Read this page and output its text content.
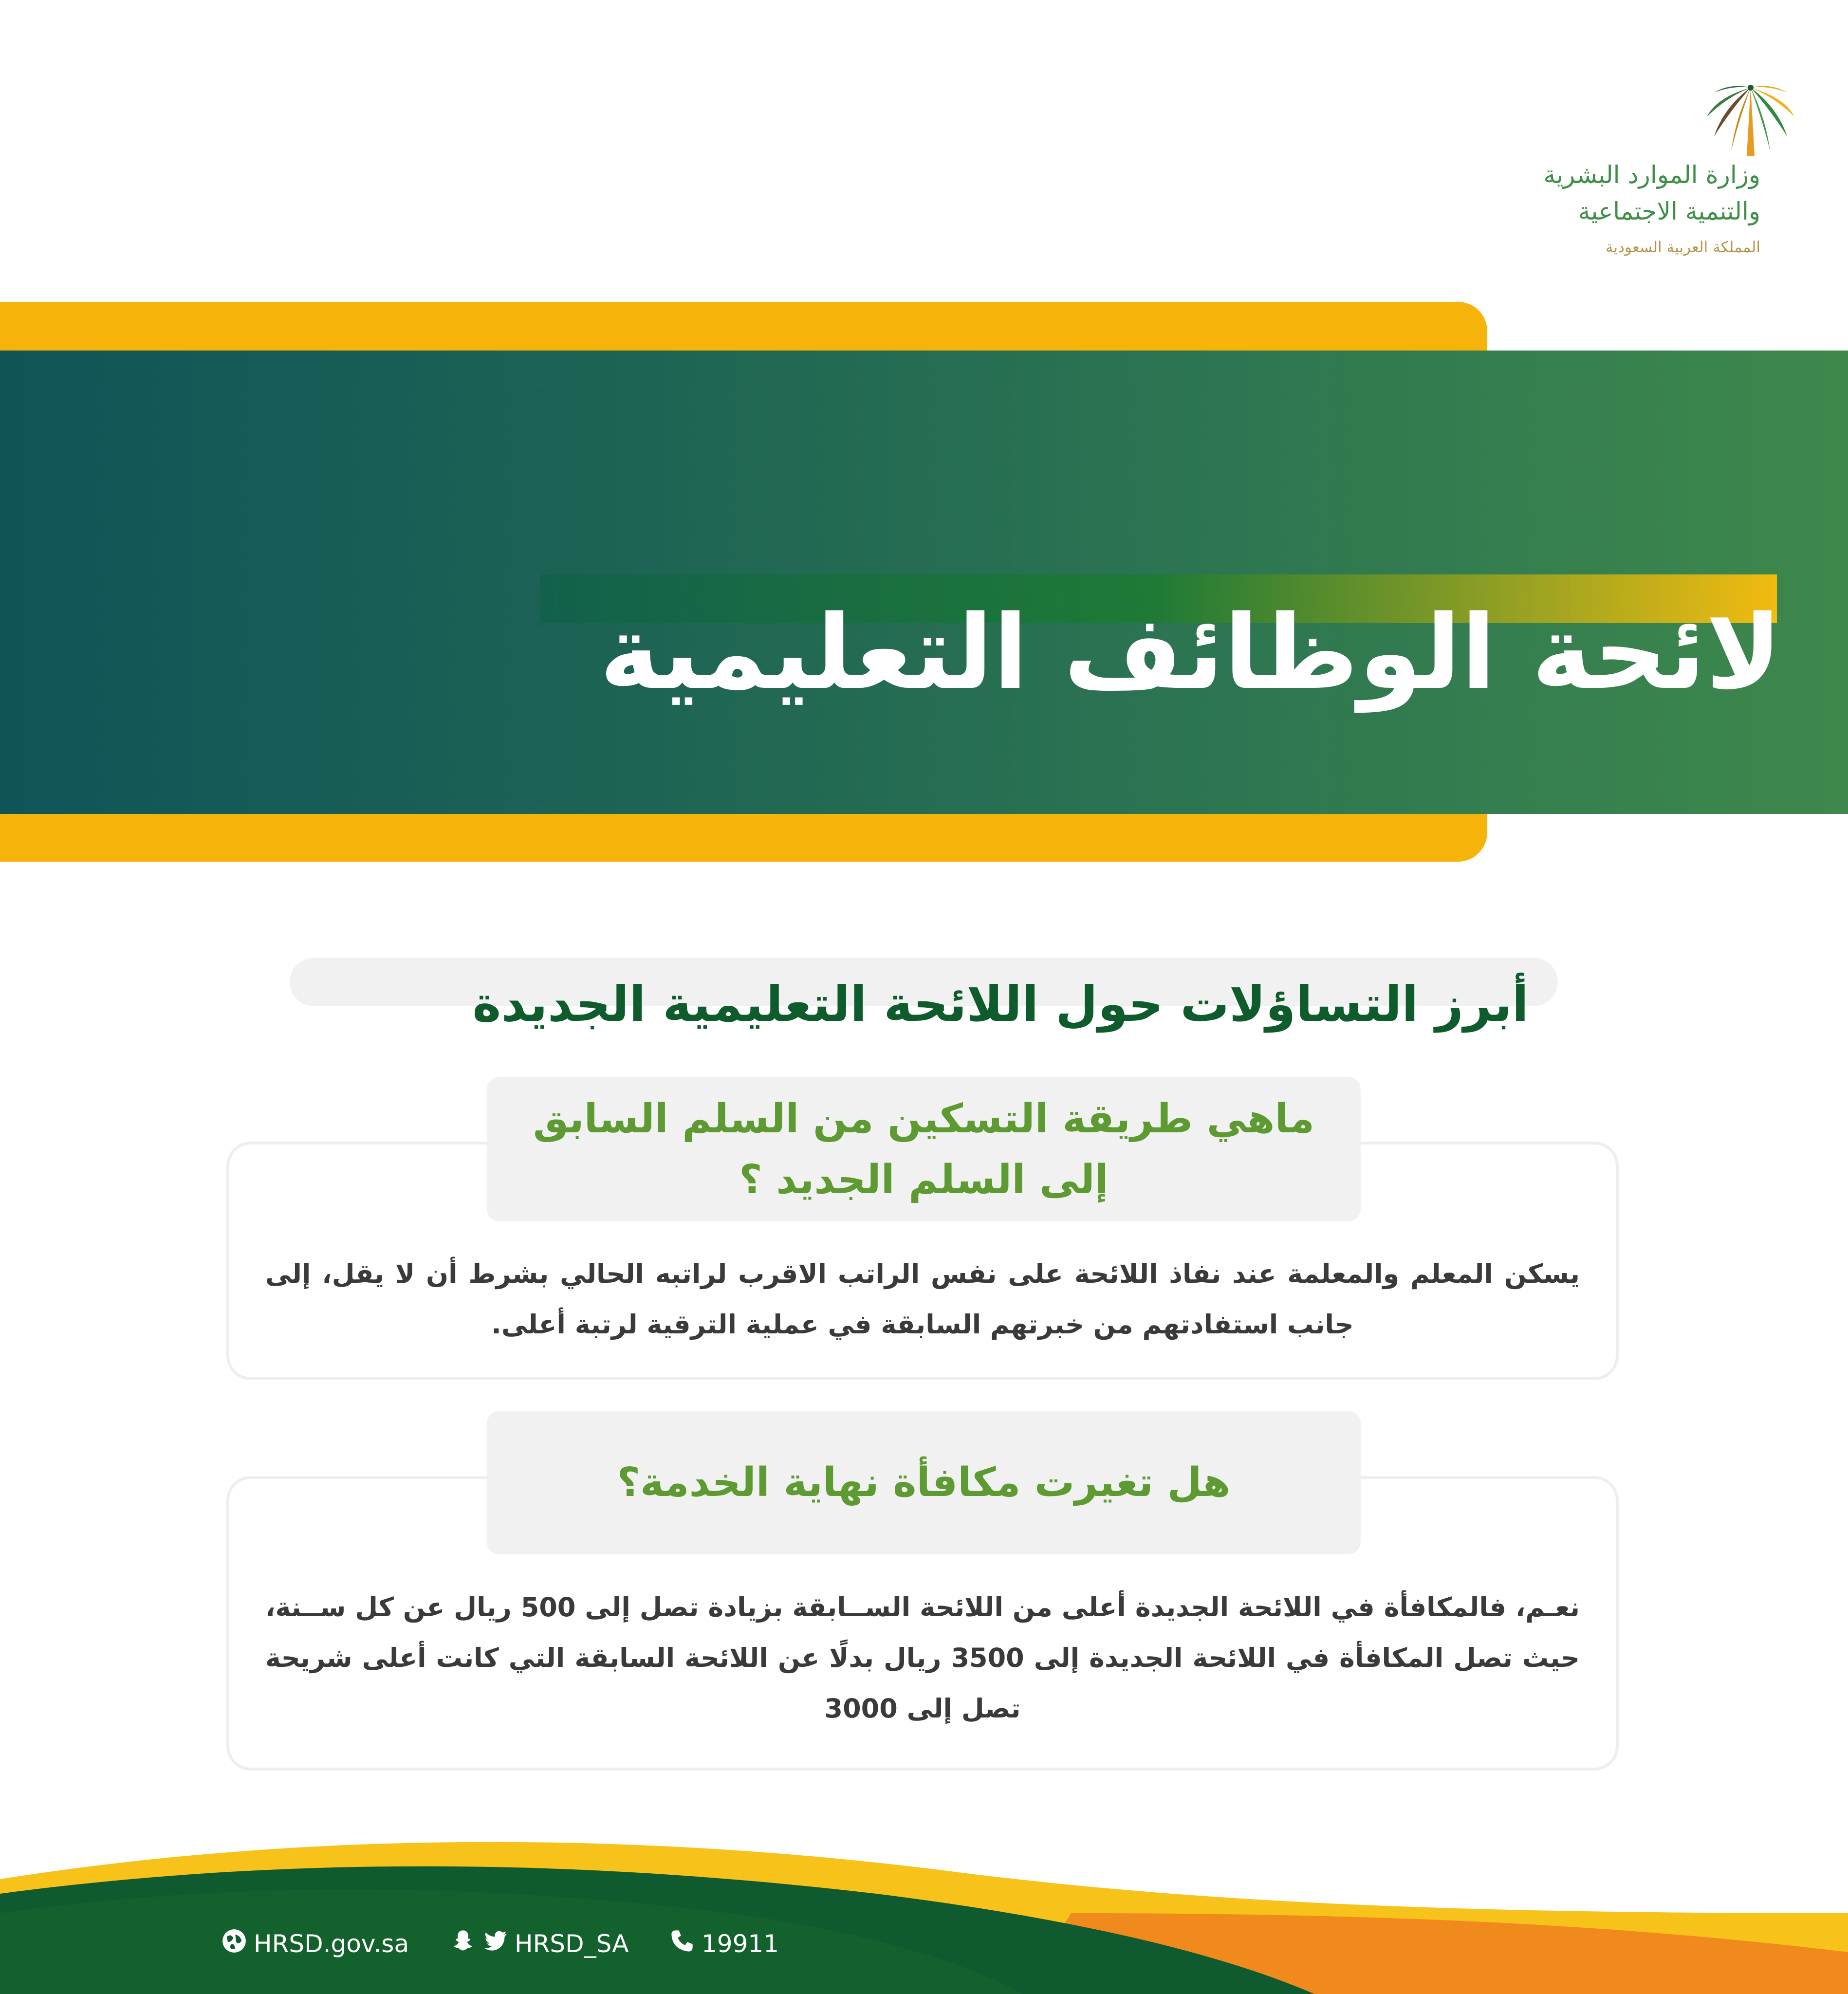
وزارة الموارد البشرية
والتنمية الاجتماعية
المملكة العربية السعودية
لائحة الوظائف التعليمية
أبرز التساؤلات حول اللائحة التعليمية الجديدة
ماهي طريقة التسكين من السلم السابق
إلى السلم الجديد ؟

يسكن المعلم والمعلمة عند نفاذ اللائحة على نفس الراتب الاقرب لراتبه الحالي بشرط أن لا يقل، إلى جانب استفادتهم من خبرتهم السابقة في عملية الترقية لرتبة أعلى.

هل تغيرت مكافأة نهاية الخدمة؟

نعـم، فالمكافأة في اللائحة الجديدة أعلى من اللائحة الســابقة بزيادة تصل إلى 500 ريال عن كل ســنة، حيث تصل المكافأة في اللائحة الجديدة إلى 3500 ريال بدلًا عن اللائحة السابقة التي كانت أعلى شريحة تصل إلى 3000

HRSD.gov.sa	HRSD_SA	19911
